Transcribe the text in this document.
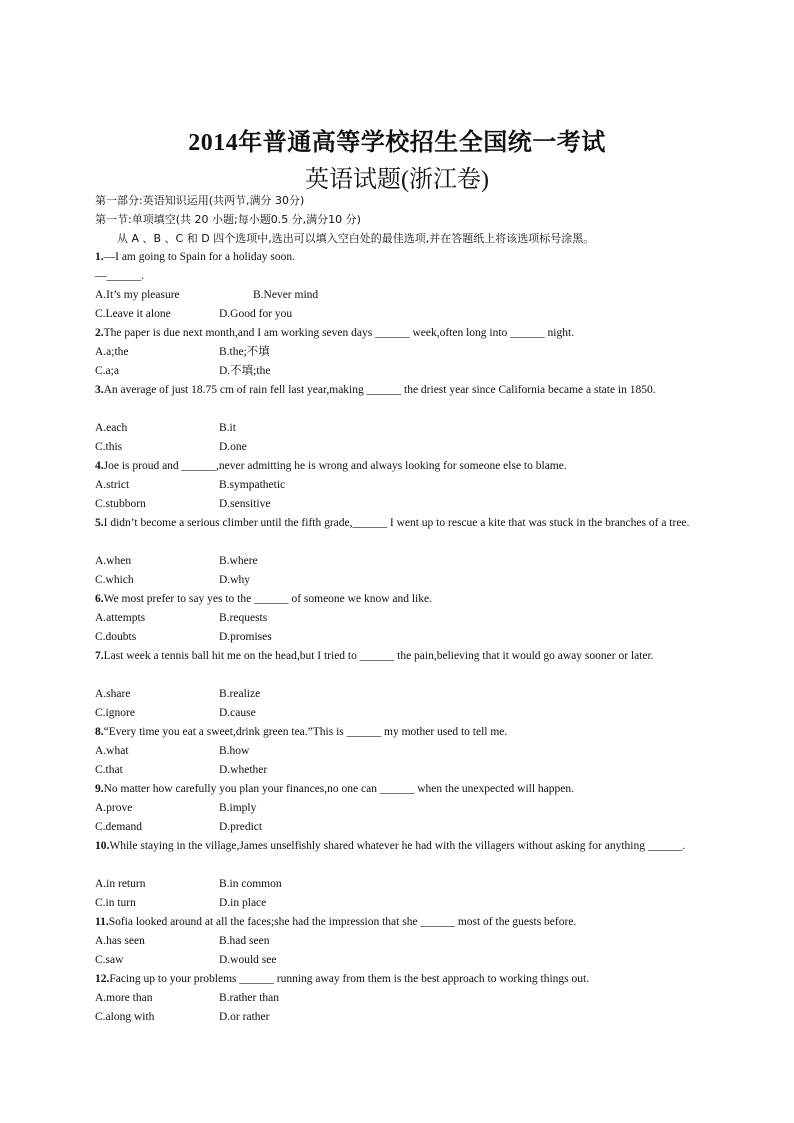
2014年普通高等学校招生全国统一考试
英语试题(浙江卷)
第一部分:英语知识运用(共两节,满分 30分)
第一节:单项填空(共 20 小题;每小题0.5 分,满分10 分)
从 A 、B 、C 和 D 四个选项中,选出可以填入空白处的最佳选项,并在答题纸上将该选项标号涂黑。
1.—I am going to Spain for a holiday soon.
—______.
A.It’s my pleasure	B.Never mind
C.Leave it alone	D.Good for you
2.The paper is due next month,and I am working seven days ______ week,often long into ______ night.
A.a;the	B.the;不填
C.a;a	D.不填;the
3.An average of just 18.75 cm of rain fell last year,making ______ the driest year since California became a state in 1850.
A.each	B.it
C.this	D.one
4.Joe is proud and ______,never admitting he is wrong and always looking for someone else to blame.
A.strict	B.sympathetic
C.stubborn	D.sensitive
5.I didn’t become a serious climber until the fifth grade,______ I went up to rescue a kite that was stuck in the branches of a tree.
A.when	B.where
C.which	D.why
6.We most prefer to say yes to the ______ of someone we know and like.
A.attempts	B.requests
C.doubts	D.promises
7.Last week a tennis ball hit me on the head,but I tried to ______ the pain,believing that it would go away sooner or later.
A.share	B.realize
C.ignore	D.cause
8.“Every time you eat a sweet,drink green tea.”This is ______ my mother used to tell me.
A.what	B.how
C.that	D.whether
9.No matter how carefully you plan your finances,no one can ______ when the unexpected will happen.
A.prove	B.imply
C.demand	D.predict
10.While staying in the village,James unselfishly shared whatever he had with the villagers without asking for anything ______.
A.in return	B.in common
C.in turn	D.in place
11.Sofia looked around at all the faces;she had the impression that she ______ most of the guests before.
A.has seen	B.had seen
C.saw	D.would see
12.Facing up to your problems ______ running away from them is the best approach to working things out.
A.more than	B.rather than
C.along with	D.or rather
